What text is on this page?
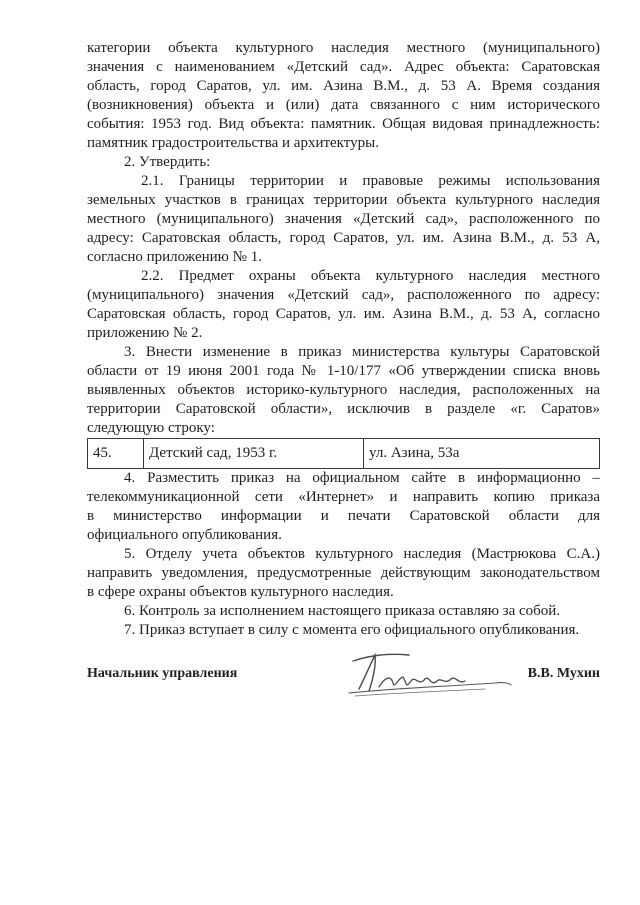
категории объекта культурного наследия местного (муниципального)
значения с наименованием «Детский сад». Адрес объекта: Саратовская
область, город Саратов, ул. им. Азина В.М., д. 53 А. Время создания
(возникновения) объекта и (или) дата связанного с ним исторического
события: 1953 год. Вид объекта: памятник. Общая видовая принадлежность:
памятник градостроительства и архитектуры.
2. Утвердить:
2.1. Границы территории и правовые режимы использования
земельных участков в границах территории объекта культурного наследия
местного (муниципального) значения «Детский сад», расположенного по
адресу: Саратовская область, город Саратов, ул. им. Азина В.М., д. 53 А,
согласно приложению № 1.
2.2. Предмет охраны объекта культурного наследия местного
(муниципального) значения «Детский сад», расположенного по адресу:
Саратовская область, город Саратов, ул. им. Азина В.М., д. 53 А, согласно
приложению № 2.
3. Внести изменение в приказ министерства культуры Саратовской
области от 19 июня 2001 года № 1-10/177 «Об утверждении списка вновь
выявленных объектов историко-культурного наследия, расположенных на
территории Саратовской области», исключив в разделе «г. Саратов»
45.	Детский сад, 1953 г.	ул. Азина, 53а
4. Разместить приказ на официальном сайте в информационно –
телекоммуникационной сети «Интернет» и направить копию приказа
в министерство информации и печати Саратовской области для
официального опубликования.
5. Отделу учета объектов культурного наследия (Мастрюкова С.А.)
направить уведомления, предусмотренные действующим законодательством
в сфере охраны объектов культурного наследия.
6. Контроль за исполнением настоящего приказа оставляю за собой.
7. Приказ вступает в силу с момента его официального опубликования.
Начальник управления	В.В. Мухин
следующую строку:
